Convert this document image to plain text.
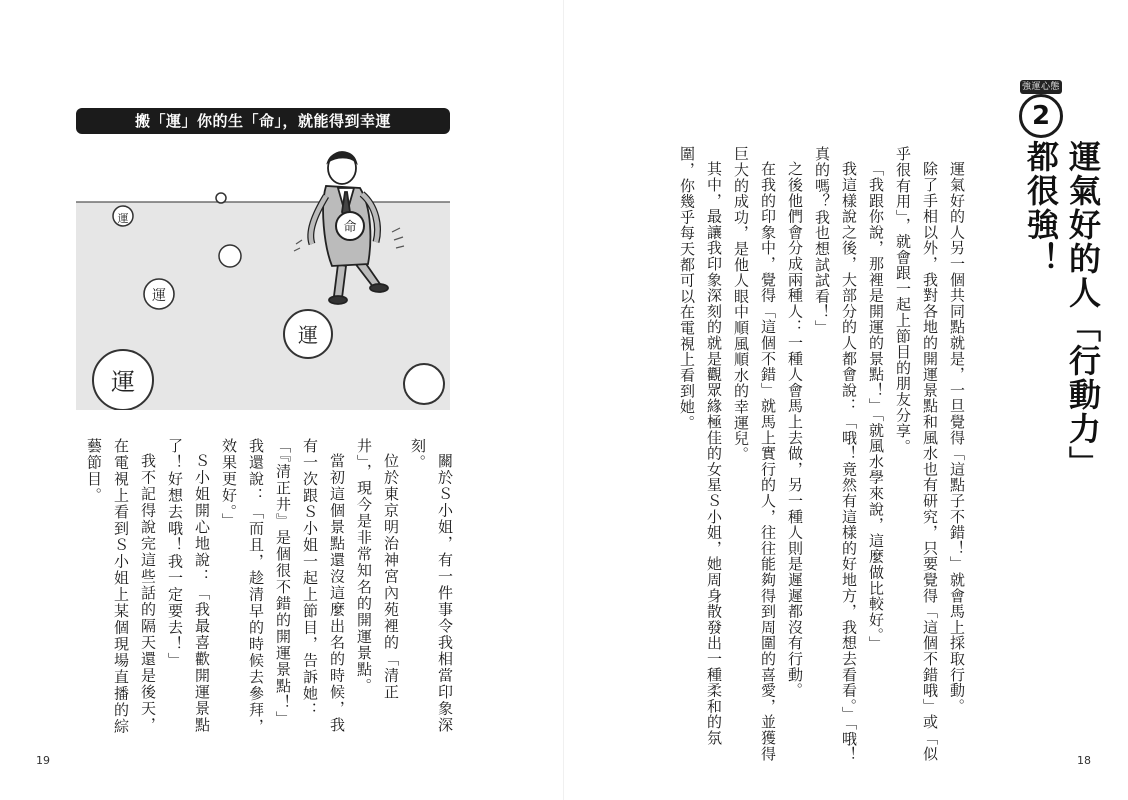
搬「運」你的生「命」，就能得到幸運
運
運
運
運
命

關於Ｓ小姐，有一件事令我相當印象深刻。

位於東京明治神宮內苑裡的「清正井」，現今是非常知名的開運景點。

當初這個景點還沒這麼出名的時候，我有一次跟Ｓ小姐一起上節目，告訴她：「『清正井』是個很不錯的開運景點！」我還說：「而且，趁清早的時候去參拜，效果更好。」

Ｓ小姐開心地說：「我最喜歡開運景點了！好想去哦！我一定要去！」

我不記得說完這些話的隔天還是後天，在電視上看到Ｓ小姐上某個現場直播的綜藝節目。

19
強運心態
2
運氣好的人「行動力」都很強！

運氣好的人另一個共同點就是，一旦覺得「這點子不錯！」就會馬上採取行動。

除了手相以外，我對各地的開運景點和風水也有研究，只要覺得「這個不錯哦」或「似乎很有用」，就會跟一起上節目的朋友分享。

「我跟你說，那裡是開運的景點！」「就風水學來說，這麼做比較好。」

我這樣說之後，大部分的人都會說：「哦！竟然有這樣的好地方，我想去看看。」「哦！真的嗎？我也想試試看！」

之後他們會分成兩種人：一種人會馬上去做，另一種人則是遲遲都沒有行動。

在我的印象中，覺得「這個不錯」就馬上實行的人，往往能夠得到周圍的喜愛，並獲得巨大的成功，是他人眼中順風順水的幸運兒。

其中，最讓我印象深刻的就是觀眾緣極佳的女星Ｓ小姐，她周身散發出一種柔和的氛圍，你幾乎每天都可以在電視上看到她。

18
